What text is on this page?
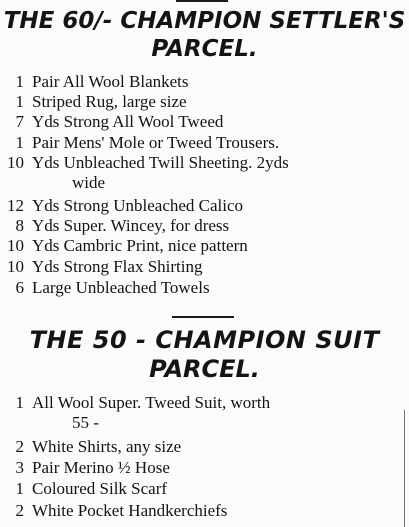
THE 60/- CHAMPION SETTLER'S
PARCEL.
1 Pair All Wool Blankets
1 Striped Rug, large size
7 Yds Strong All Wool Tweed
1 Pair Mens' Mole or Tweed Trousers.
10 Yds Unbleached Twill Sheeting. 2yds
wide
12 Yds Strong Unbleached Calico
8 Yds Super. Wincey, for dress
10 Yds Cambric Print, nice pattern
10 Yds Strong Flax Shirting
6 Large Unbleached Towels
THE 50 - CHAMPION SUIT
PARCEL.
1 All Wool Super. Tweed Suit, worth
55 -
2 White Shirts, any size
3 Pair Merino ½ Hose
1 Coloured Silk Scarf
2 White Pocket Handkerchiefs
